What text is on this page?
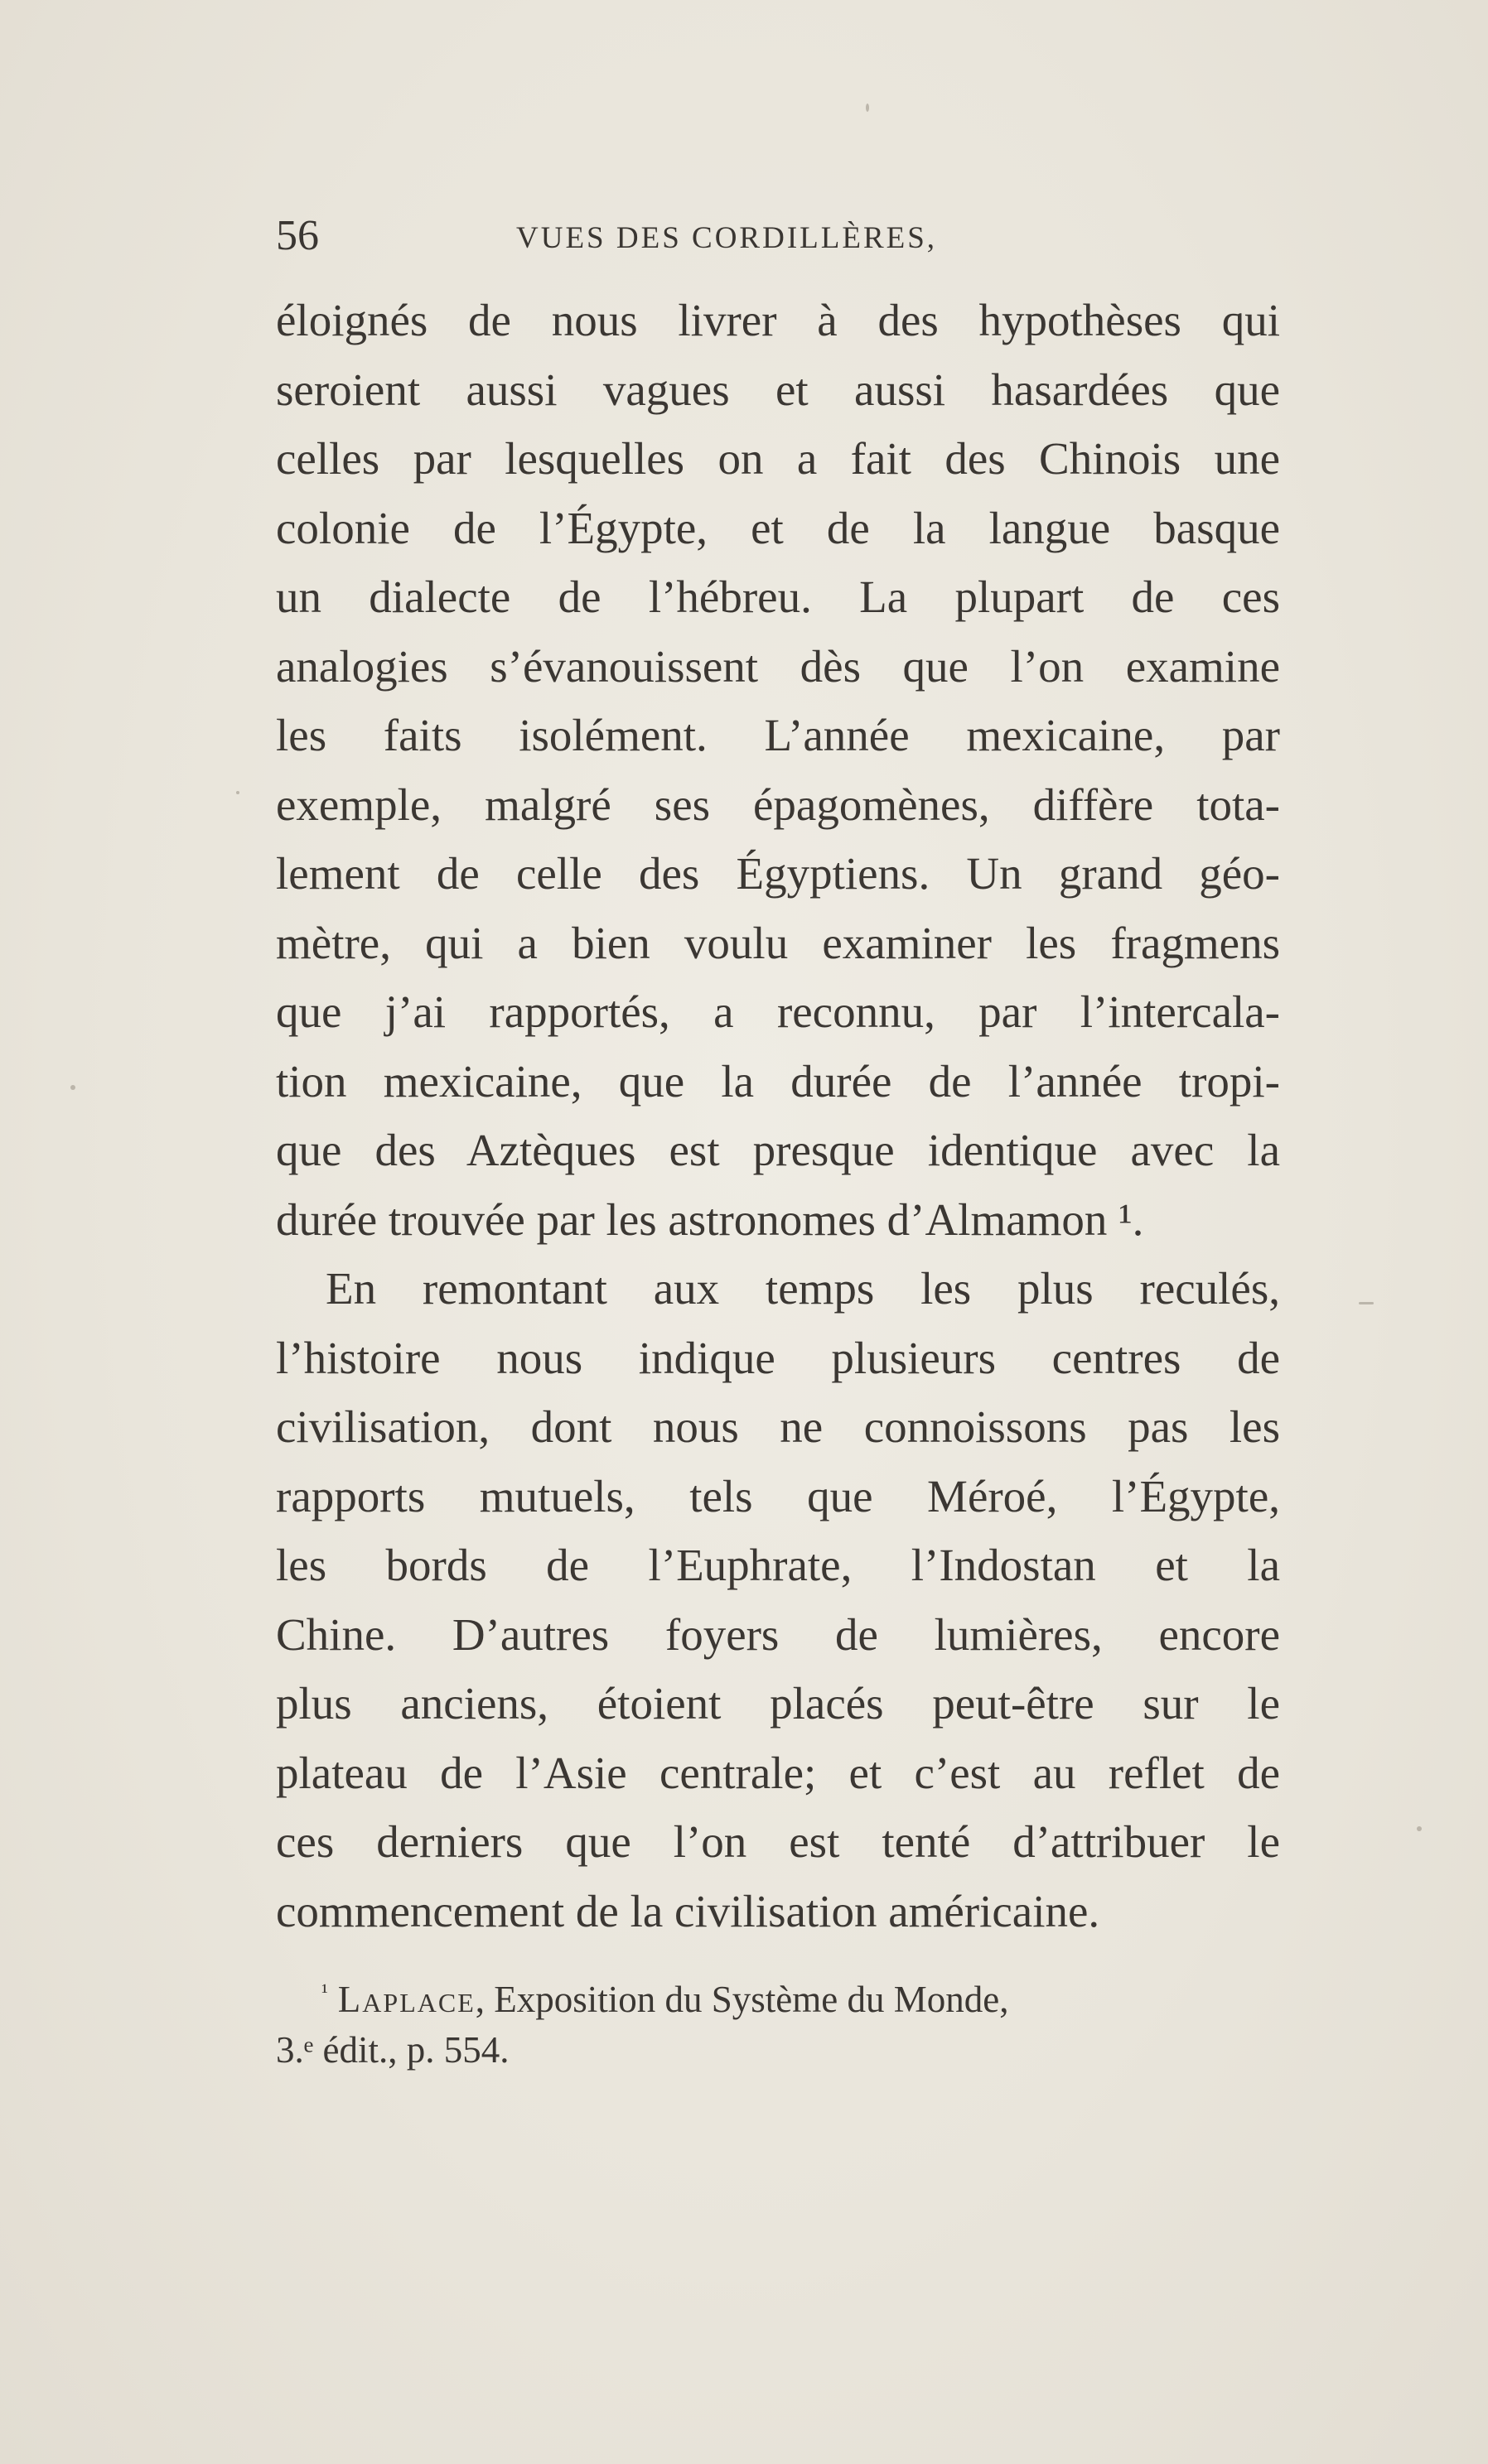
56	VUES DES CORDILLÈRES,
éloignés de nous livrer à des hypothèses qui
seroient aussi vagues et aussi hasardées que
celles par lesquelles on a fait des Chinois une
colonie de l’Égypte, et de la langue basque
un dialecte de l’hébreu. La plupart de ces
analogies s’évanouissent dès que l’on examine
les faits isolément. L’année mexicaine, par
exemple, malgré ses épagomènes, diffère tota-
lement de celle des Égyptiens. Un grand géo-
mètre, qui a bien voulu examiner les fragmens
que j’ai rapportés, a reconnu, par l’intercala-
tion mexicaine, que la durée de l’année tropi-
que des Aztèques est presque identique avec la
durée trouvée par les astronomes d’Almamon ¹.
En remontant aux temps les plus reculés,
l’histoire nous indique plusieurs centres de
civilisation, dont nous ne connoissons pas les
rapports mutuels, tels que Méroé, l’Égypte,
les bords de l’Euphrate, l’Indostan et la
Chine. D’autres foyers de lumières, encore
plus anciens, étoient placés peut-être sur le
plateau de l’Asie centrale; et c’est au reflet de
ces derniers que l’on est tenté d’attribuer le
commencement de la civilisation américaine.
$^{^1}$ Laplace, Exposition du Système du Monde,
3.ᵉ édit., p. 554.
